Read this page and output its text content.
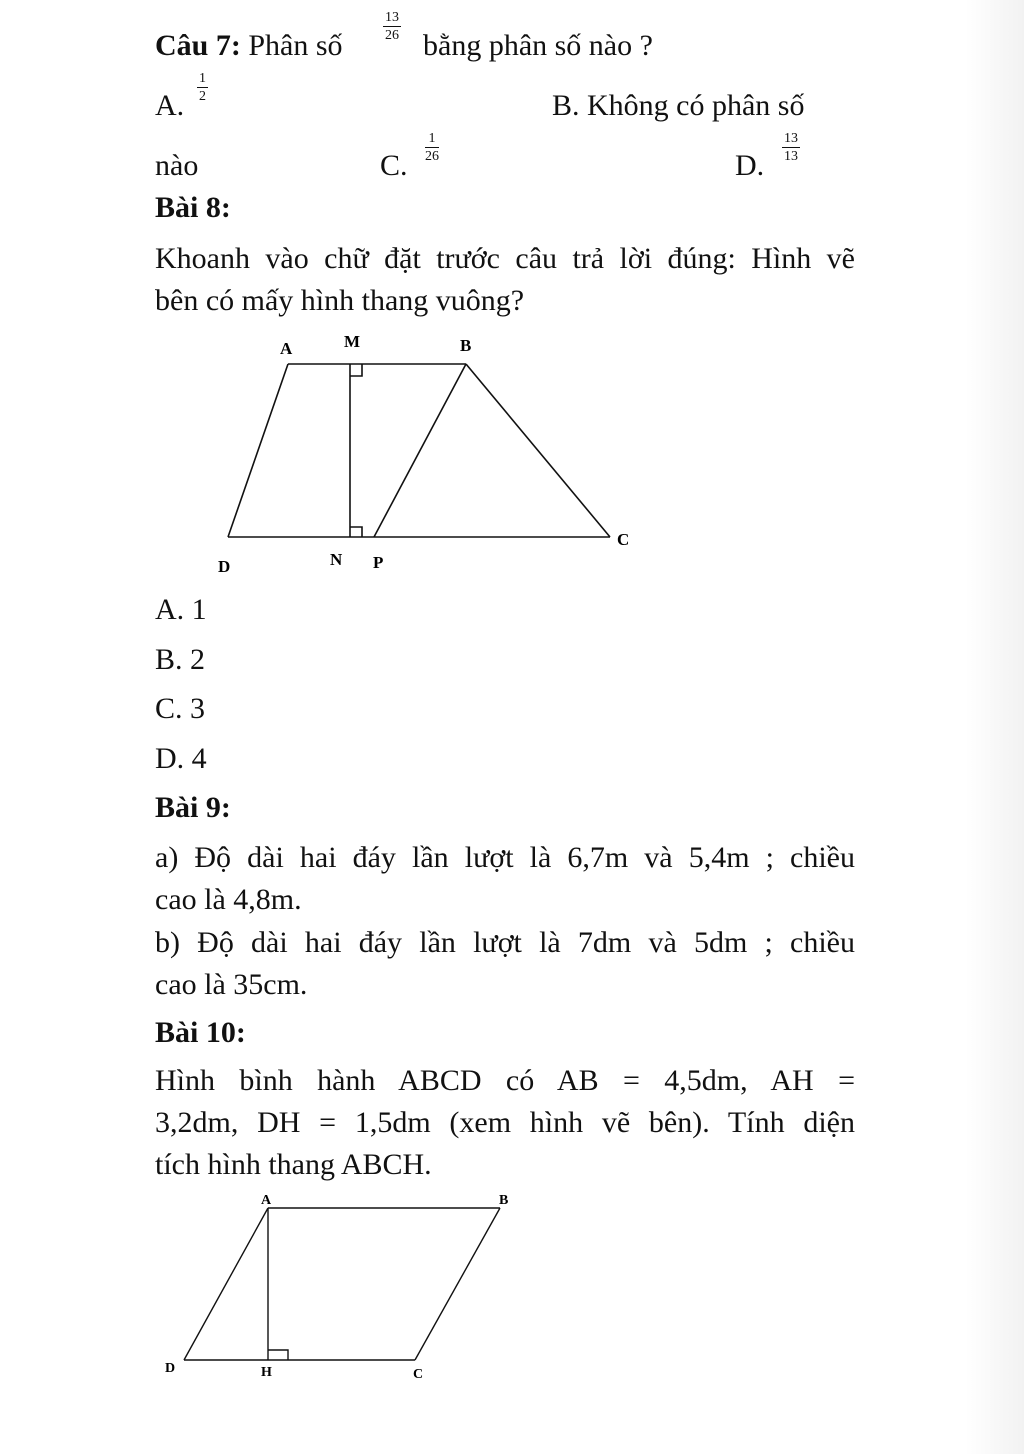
Câu 7: Phân số
$\frac{13}{26}$
bằng phân số nào ?
A.
$\frac{1}{2}$
B. Không có phân số
nào	C.
$\frac{1}{26}$
D.
$\frac{13}{13}$
Bài 8:
Khoanh vào chữ đặt trước câu trả lời đúng: Hình vẽ
bên có mấy hình thang vuông?
A	M	B
C
D	N P
A. 1
B. 2
C. 3
D. 4
Bài 9:
a) Độ dài hai đáy lần lượt là 6,7m và 5,4m ; chiều
cao là 4,8m.
b) Độ dài hai đáy lần lượt là 7dm và 5dm ; chiều
cao là 35cm.
Bài 10:
Hình bình hành ABCD có AB = 4,5dm, AH =
3,2dm, DH = 1,5dm (xem hình vẽ bên). Tính diện
tích hình thang ABCH.
A	B
C
D	H
